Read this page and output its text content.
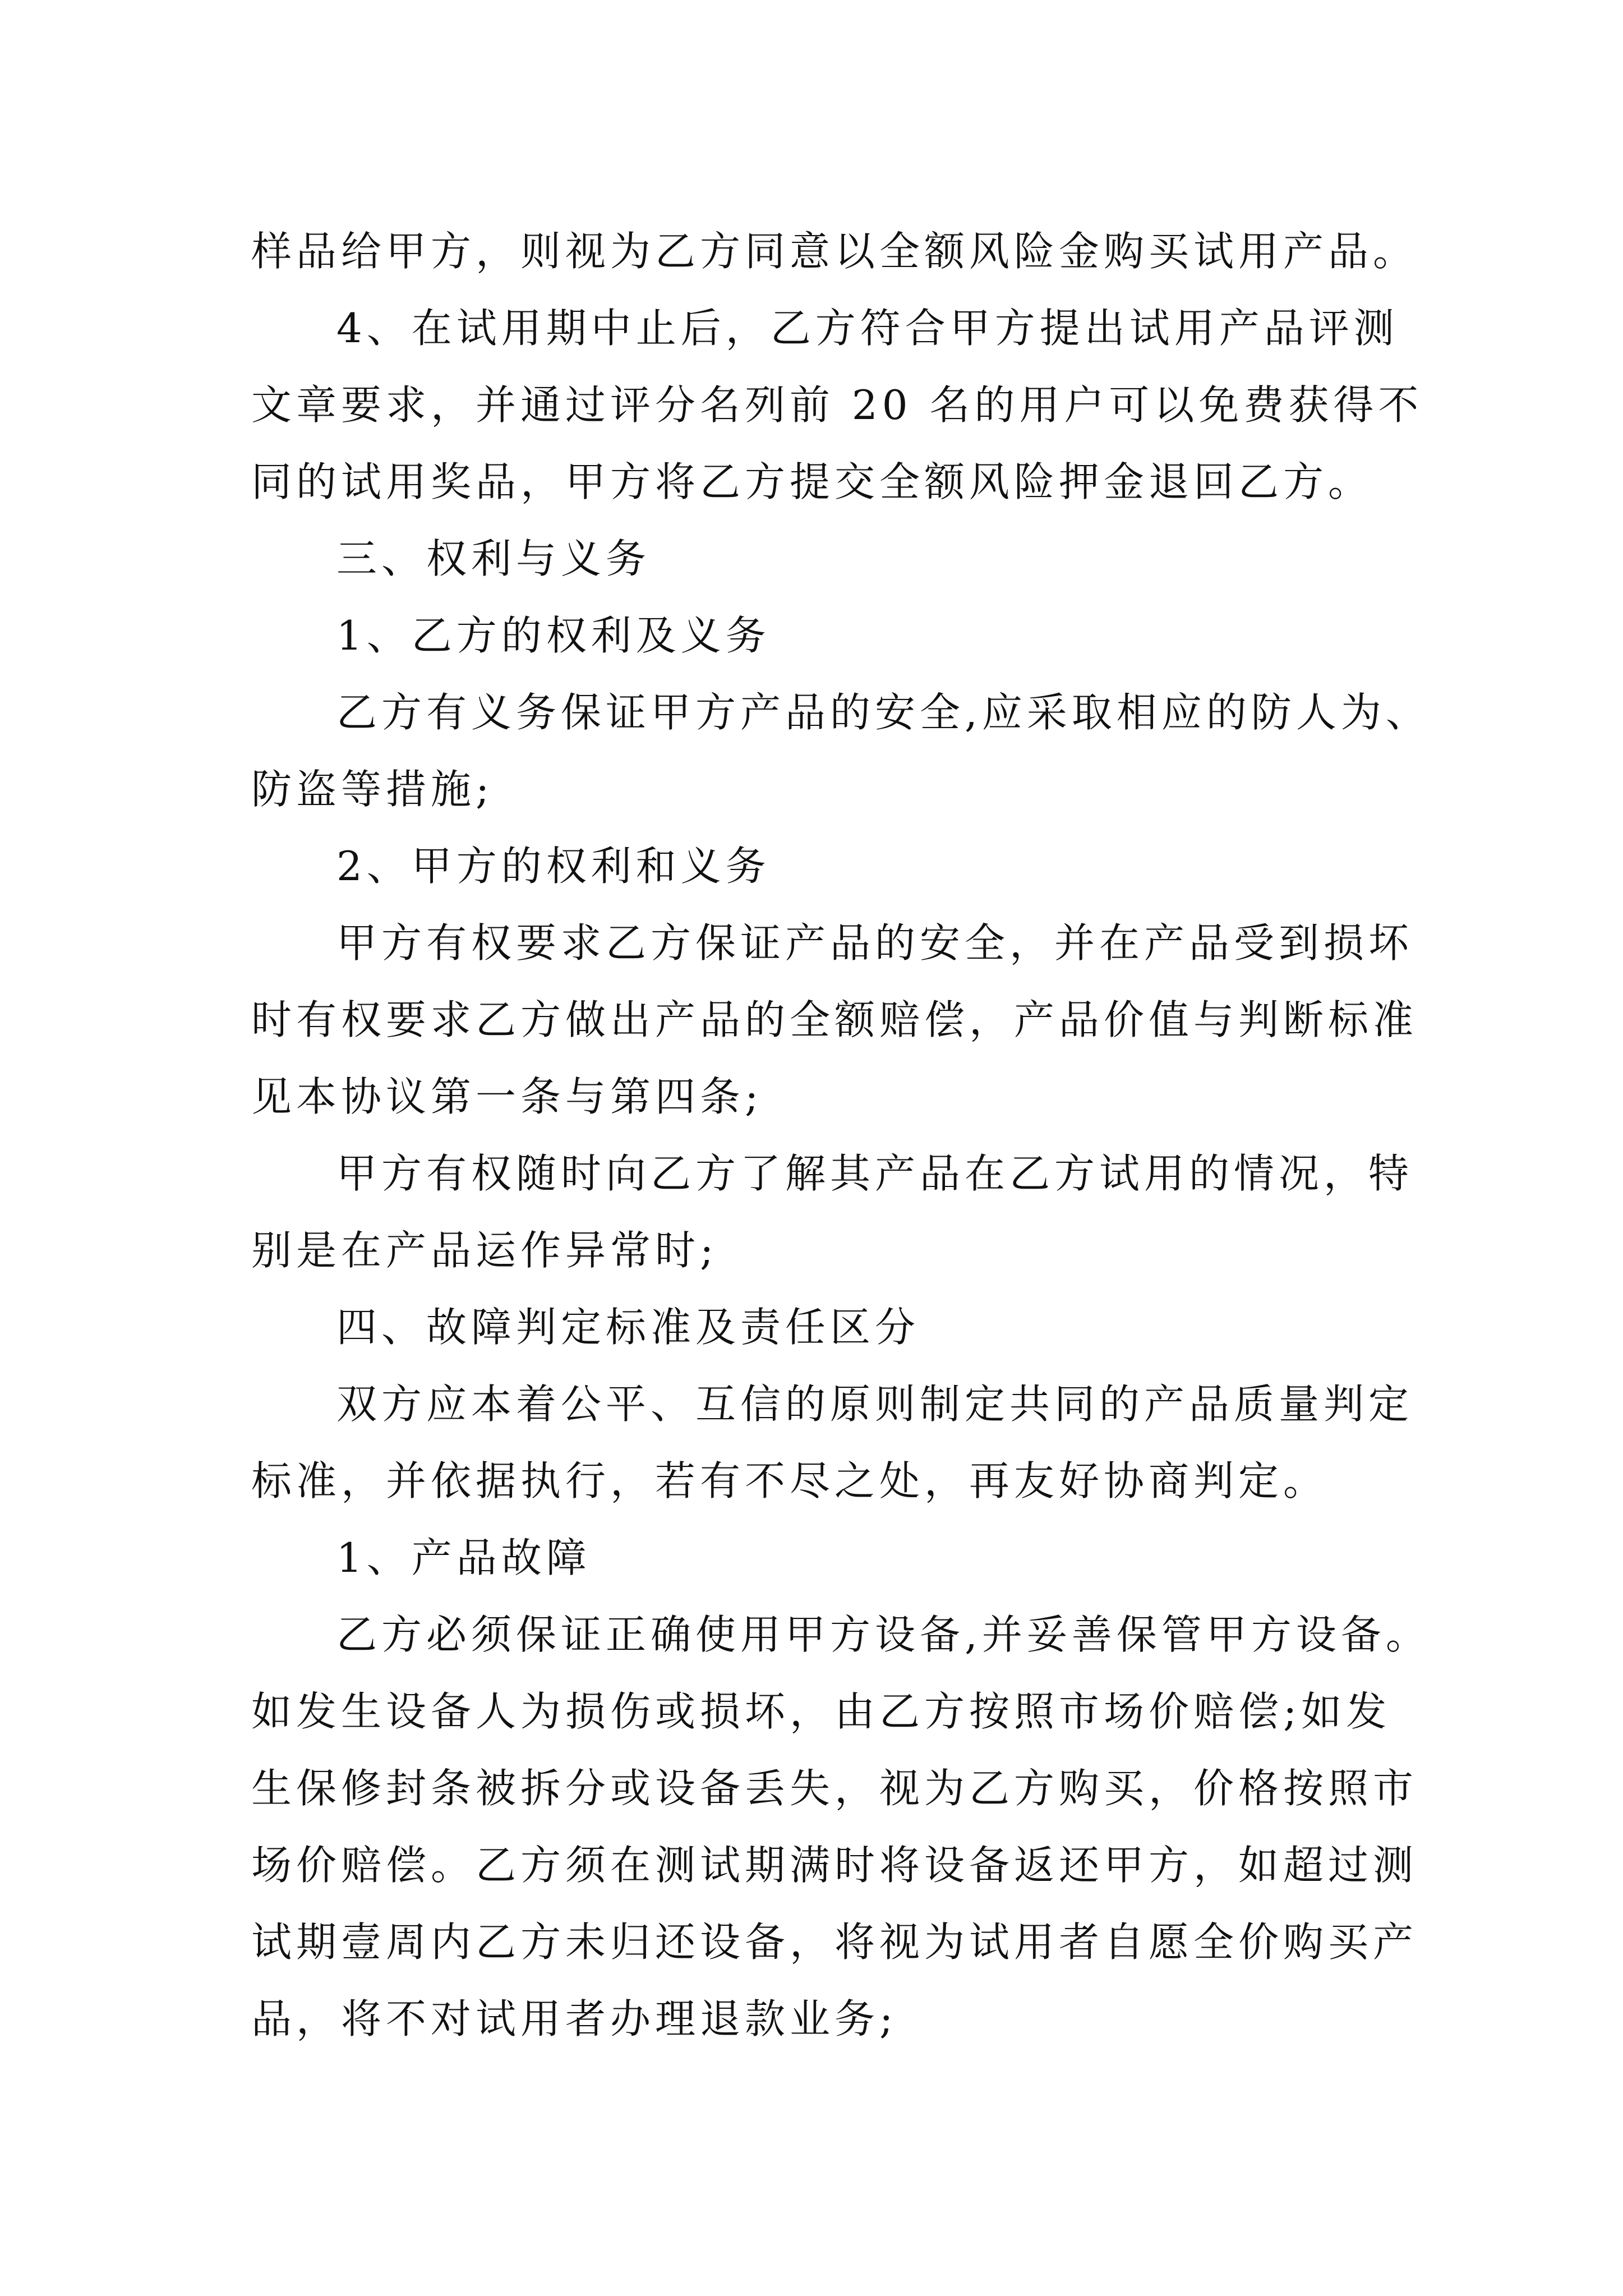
样品给甲方，则视为乙方同意以全额风险金购买试用产品。
4、在试用期中止后，乙方符合甲方提出试用产品评测
文章要求，并通过评分名列前 20 名的用户可以免费获得不
同的试用奖品，甲方将乙方提交全额风险押金退回乙方。
三、权利与义务
1、乙方的权利及义务
乙方有义务保证甲方产品的安全,应采取相应的防人为、
防盗等措施;
2、甲方的权利和义务
甲方有权要求乙方保证产品的安全，并在产品受到损坏
时有权要求乙方做出产品的全额赔偿，产品价值与判断标准
见本协议第一条与第四条;
甲方有权随时向乙方了解其产品在乙方试用的情况，特
别是在产品运作异常时;
四、故障判定标准及责任区分
双方应本着公平、互信的原则制定共同的产品质量判定
标准，并依据执行，若有不尽之处，再友好协商判定。
1、产品故障
乙方必须保证正确使用甲方设备,并妥善保管甲方设备。
如发生设备人为损伤或损坏，由乙方按照市场价赔偿;如发
生保修封条被拆分或设备丢失，视为乙方购买，价格按照市
场价赔偿。乙方须在测试期满时将设备返还甲方，如超过测
试期壹周内乙方未归还设备，将视为试用者自愿全价购买产
品，将不对试用者办理退款业务;
